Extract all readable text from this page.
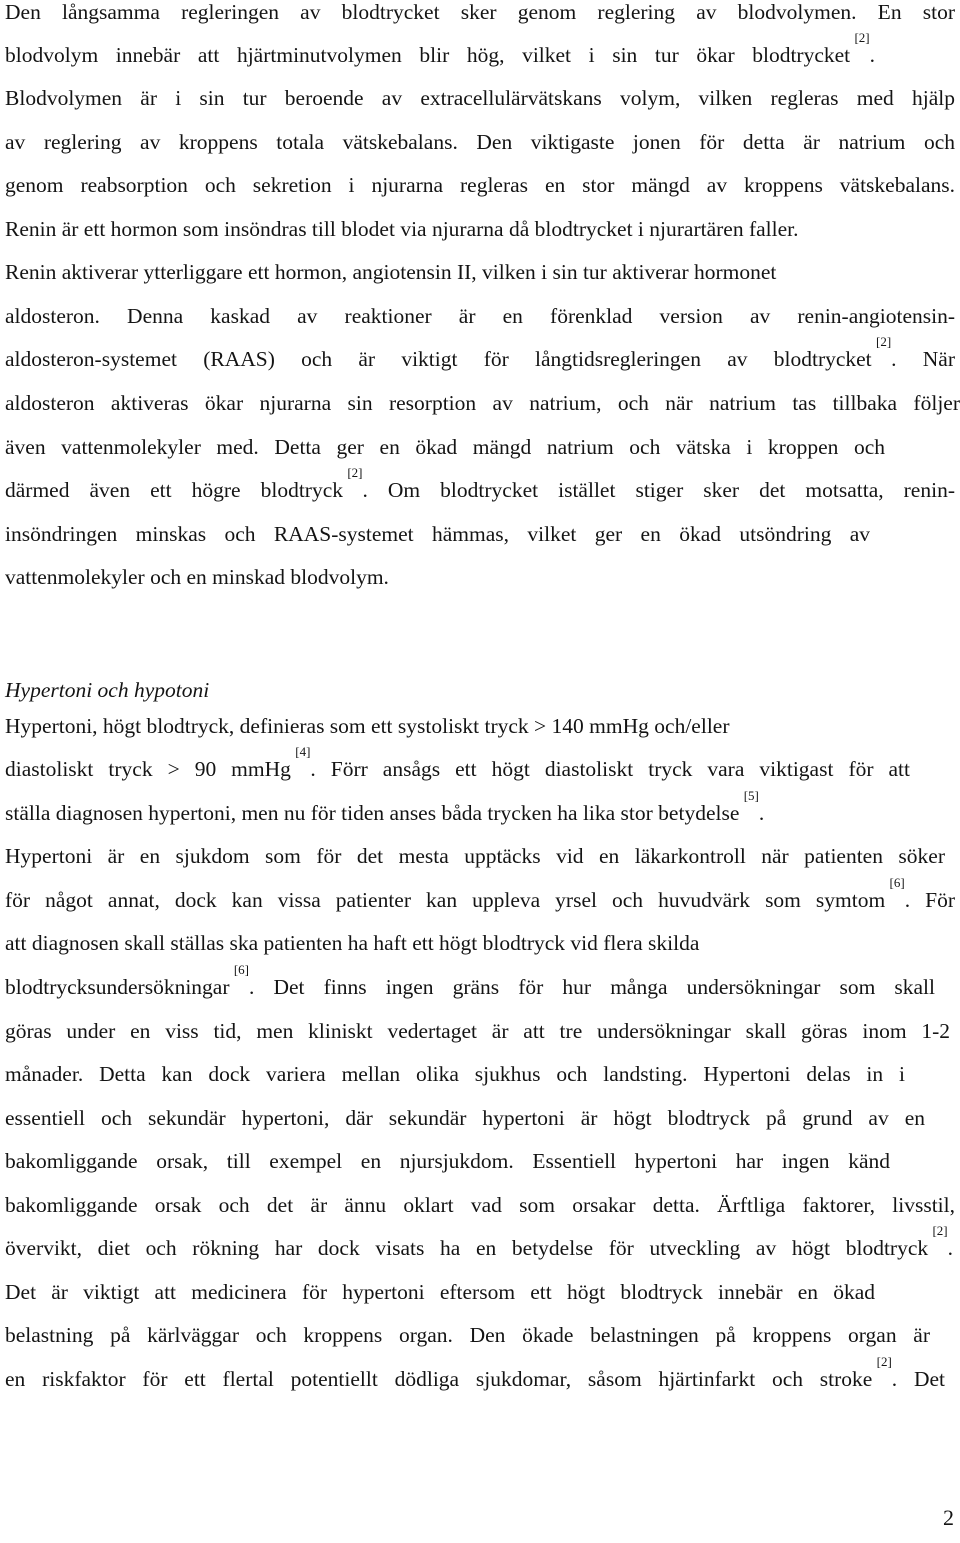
Den långsamma regleringen av blodtrycket sker genom reglering av blodvolymen. En stor
blodvolym innebär att hjärtminutvolymen blir hög, vilket i sin tur ökar blodtrycket [2].
Blodvolymen är i sin tur beroende av extracellulärvätskans volym, vilken regleras med hjälp
av reglering av kroppens totala vätskebalans. Den viktigaste jonen för detta är natrium och
genom reabsorption och sekretion i njurarna regleras en stor mängd av kroppens vätskebalans.
Renin är ett hormon som insöndras till blodet via njurarna då blodtrycket i njurartären faller.
Renin aktiverar ytterliggare ett hormon, angiotensin II, vilken i sin tur aktiverar hormonet
aldosteron. Denna kaskad av reaktioner är en förenklad version av renin-angiotensin-
aldosteron-systemet (RAAS) och är viktigt för långtidsregleringen av blodtrycket [2]. När
aldosteron aktiveras ökar njurarna sin resorption av natrium, och när natrium tas tillbaka följer
även vattenmolekyler med. Detta ger en ökad mängd natrium och vätska i kroppen och
därmed även ett högre blodtryck [2]. Om blodtrycket istället stiger sker det motsatta, renin-
insöndringen minskas och RAAS-systemet hämmas, vilket ger en ökad utsöndring av
vattenmolekyler och en minskad blodvolym.
Hypertoni och hypotoni
Hypertoni, högt blodtryck, definieras som ett systoliskt tryck > 140 mmHg och/eller
diastoliskt tryck > 90 mmHg [4]. Förr ansågs ett högt diastoliskt tryck vara viktigast för att
ställa diagnosen hypertoni, men nu för tiden anses båda trycken ha lika stor betydelse [5].
Hypertoni är en sjukdom som för det mesta upptäcks vid en läkarkontroll när patienten söker
för något annat, dock kan vissa patienter kan uppleva yrsel och huvudvärk som symtom [6]. För
att diagnosen skall ställas ska patienten ha haft ett högt blodtryck vid flera skilda
blodtrycksundersökningar [6]. Det finns ingen gräns för hur många undersökningar som skall
göras under en viss tid, men kliniskt vedertaget är att tre undersökningar skall göras inom 1-2
månader. Detta kan dock variera mellan olika sjukhus och landsting. Hypertoni delas in i
essentiell och sekundär hypertoni, där sekundär hypertoni är högt blodtryck på grund av en
bakomliggande orsak, till exempel en njursjukdom. Essentiell hypertoni har ingen känd
bakomliggande orsak och det är ännu oklart vad som orsakar detta. Ärftliga faktorer, livsstil,
övervikt, diet och rökning har dock visats ha en betydelse för utveckling av högt blodtryck [2].
Det är viktigt att medicinera för hypertoni eftersom ett högt blodtryck innebär en ökad
belastning på kärlväggar och kroppens organ. Den ökade belastningen på kroppens organ är
en riskfaktor för ett flertal potentiellt dödliga sjukdomar, såsom hjärtinfarkt och stroke [2]. Det
2
